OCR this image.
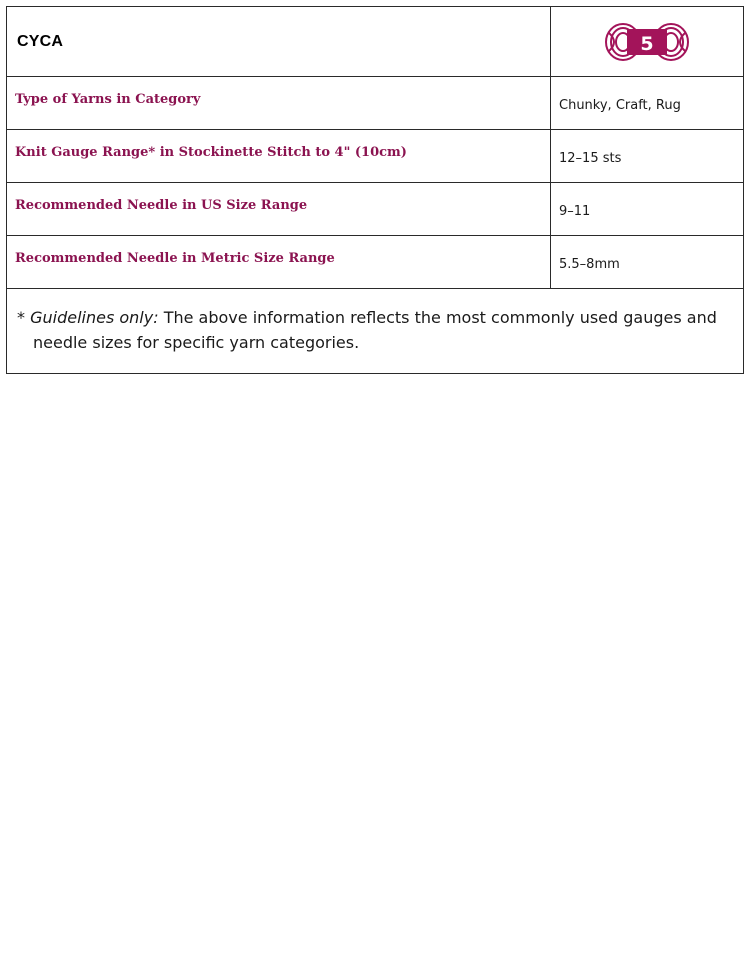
CYCA	5
Type of Yarns in Category	Chunky, Craft, Rug
Knit Gauge Range* in Stockinette Stitch to 4" (10cm)	12–15 sts
Recommended Needle in US Size Range	9–11
Recommended Needle in Metric Size Range	5.5–8mm
* Guidelines only: The above information reflects the most commonly used gauges and needle sizes for specific yarn categories.
